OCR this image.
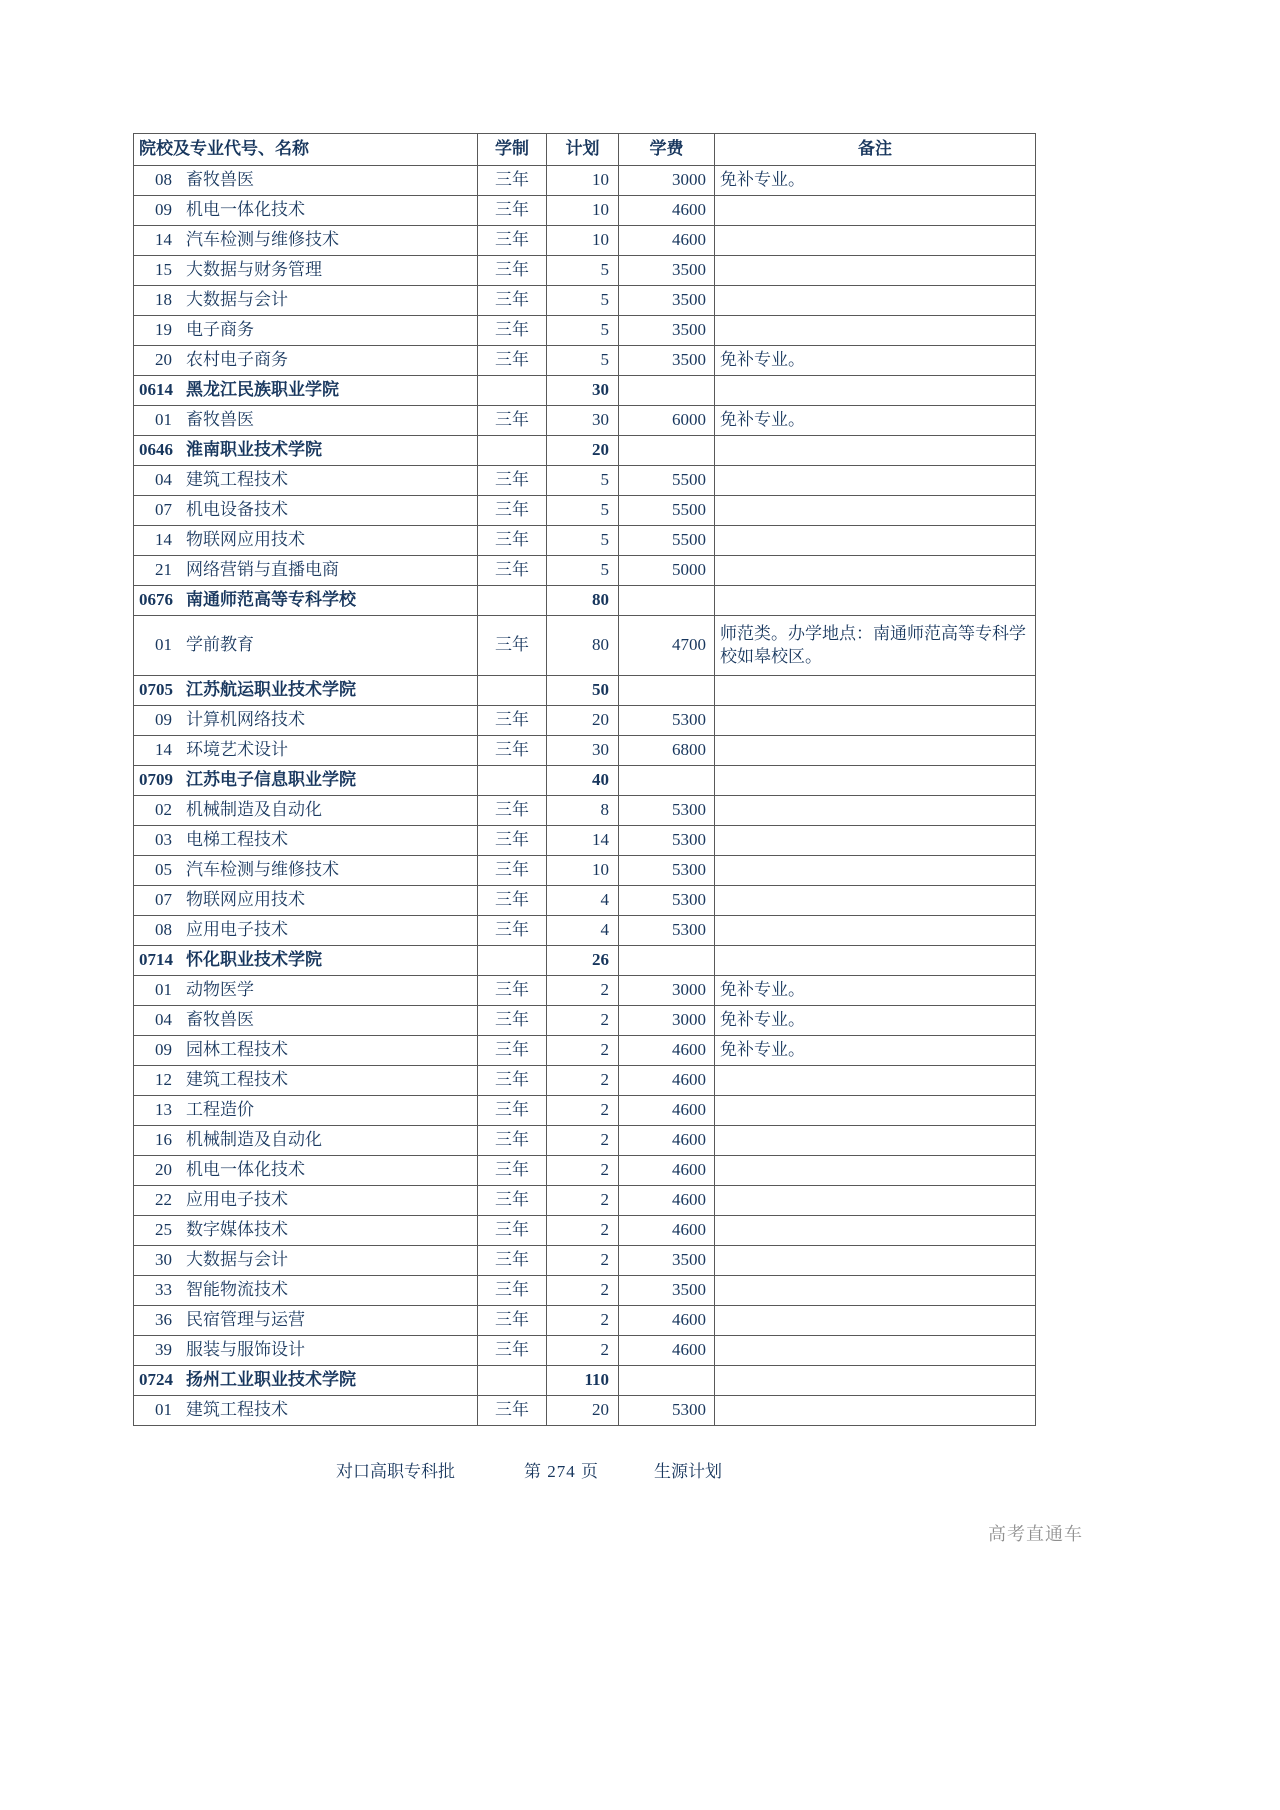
院校及专业代号、名称	学制	计划	学费	备注
08 畜牧兽医	三年	10	3000	免补专业。
09 机电一体化技术	三年	10	4600	
14 汽车检测与维修技术	三年	10	4600	
15 大数据与财务管理	三年	5	3500	
18 大数据与会计	三年	5	3500	
19 电子商务	三年	5	3500	
20 农村电子商务	三年	5	3500	免补专业。
0614 黑龙江民族职业学院		30		
01 畜牧兽医	三年	30	6000	免补专业。
0646 淮南职业技术学院		20		
04 建筑工程技术	三年	5	5500	
07 机电设备技术	三年	5	5500	
14 物联网应用技术	三年	5	5500	
21 网络营销与直播电商	三年	5	5000	
0676 南通师范高等专科学校		80		
01 学前教育	三年	80	4700	师范类。办学地点：南通师范高等专科学校如皋校区。
0705 江苏航运职业技术学院		50		
09 计算机网络技术	三年	20	5300	
14 环境艺术设计	三年	30	6800	
0709 江苏电子信息职业学院		40		
02 机械制造及自动化	三年	8	5300	
03 电梯工程技术	三年	14	5300	
05 汽车检测与维修技术	三年	10	5300	
07 物联网应用技术	三年	4	5300	
08 应用电子技术	三年	4	5300	
0714 怀化职业技术学院		26		
01 动物医学	三年	2	3000	免补专业。
04 畜牧兽医	三年	2	3000	免补专业。
09 园林工程技术	三年	2	4600	免补专业。
12 建筑工程技术	三年	2	4600	
13 工程造价	三年	2	4600	
16 机械制造及自动化	三年	2	4600	
20 机电一体化技术	三年	2	4600	
22 应用电子技术	三年	2	4600	
25 数字媒体技术	三年	2	4600	
30 大数据与会计	三年	2	3500	
33 智能物流技术	三年	2	3500	
36 民宿管理与运营	三年	2	4600	
39 服装与服饰设计	三年	2	4600	
0724 扬州工业职业技术学院		110		
01 建筑工程技术	三年	20	5300	
对口高职专科批	第 274 页	生源计划
高考直通车
